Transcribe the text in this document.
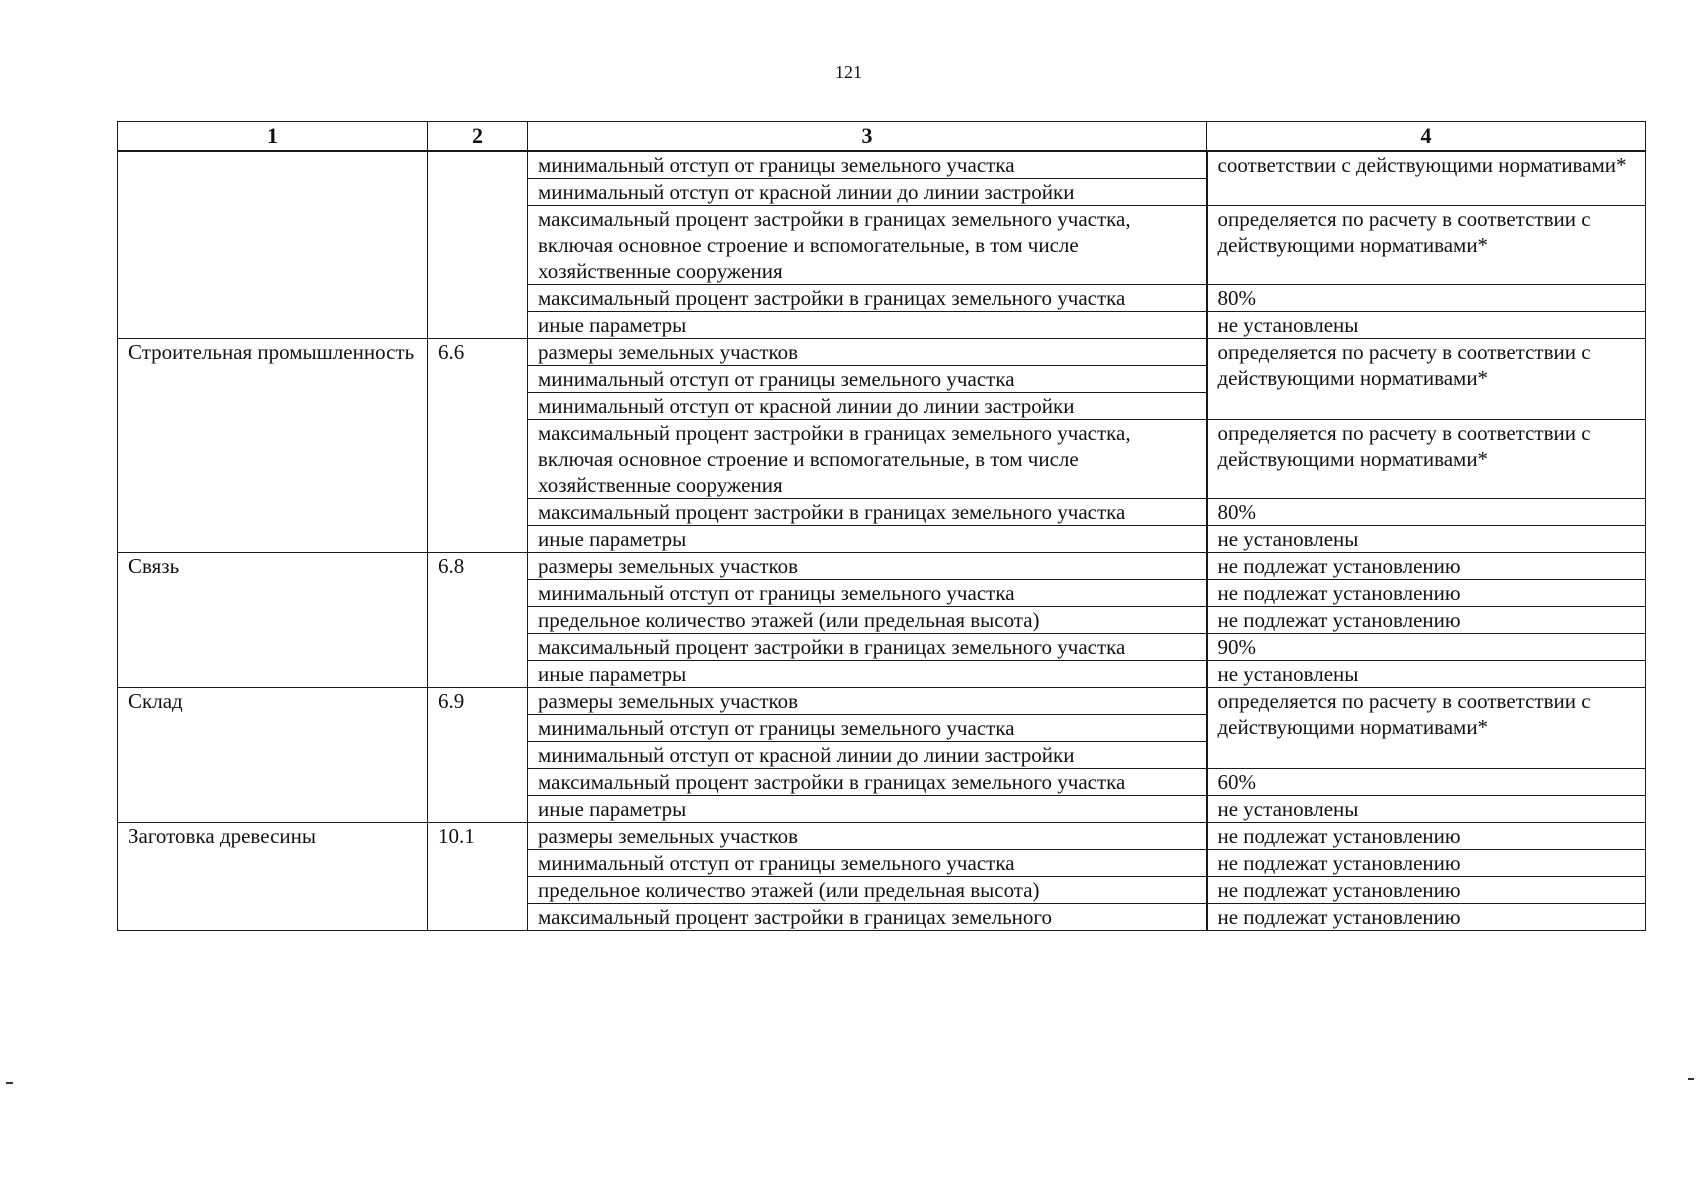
121
1	2	3	4
		минимальный отступ от границы земельного участка	соответствии с действующими нормативами*
		минимальный отступ от красной линии до линии застройки	
		максимальный процент застройки в границах земельного участка, включая основное строение и вспомогательные, в том числе хозяйственные сооружения	определяется по расчету в соответствии с действующими нормативами*
		максимальный процент застройки в границах земельного участка	80%
		иные параметры	не установлены
Строительная промышленность	6.6	размеры земельных участков	определяется по расчету в соответствии с действующими нормативами*
		минимальный отступ от границы земельного участка	
		минимальный отступ от красной линии до линии застройки	
		максимальный процент застройки в границах земельного участка, включая основное строение и вспомогательные, в том числе хозяйственные сооружения	определяется по расчету в соответствии с действующими нормативами*
		максимальный процент застройки в границах земельного участка	80%
		иные параметры	не установлены
Связь	6.8	размеры земельных участков	не подлежат установлению
		минимальный отступ от границы земельного участка	не подлежат установлению
		предельное количество этажей (или предельная высота)	не подлежат установлению
		максимальный процент застройки в границах земельного участка	90%
		иные параметры	не установлены
Склад	6.9	размеры земельных участков	определяется по расчету в соответствии с действующими нормативами*
		минимальный отступ от границы земельного участка	
		минимальный отступ от красной линии до линии застройки	
		максимальный процент застройки в границах земельного участка	60%
		иные параметры	не установлены
Заготовка древесины	10.1	размеры земельных участков	не подлежат установлению
		минимальный отступ от границы земельного участка	не подлежат установлению
		предельное количество этажей (или предельная высота)	не подлежат установлению
		максимальный процент застройки в границах земельного	не подлежат установлению
